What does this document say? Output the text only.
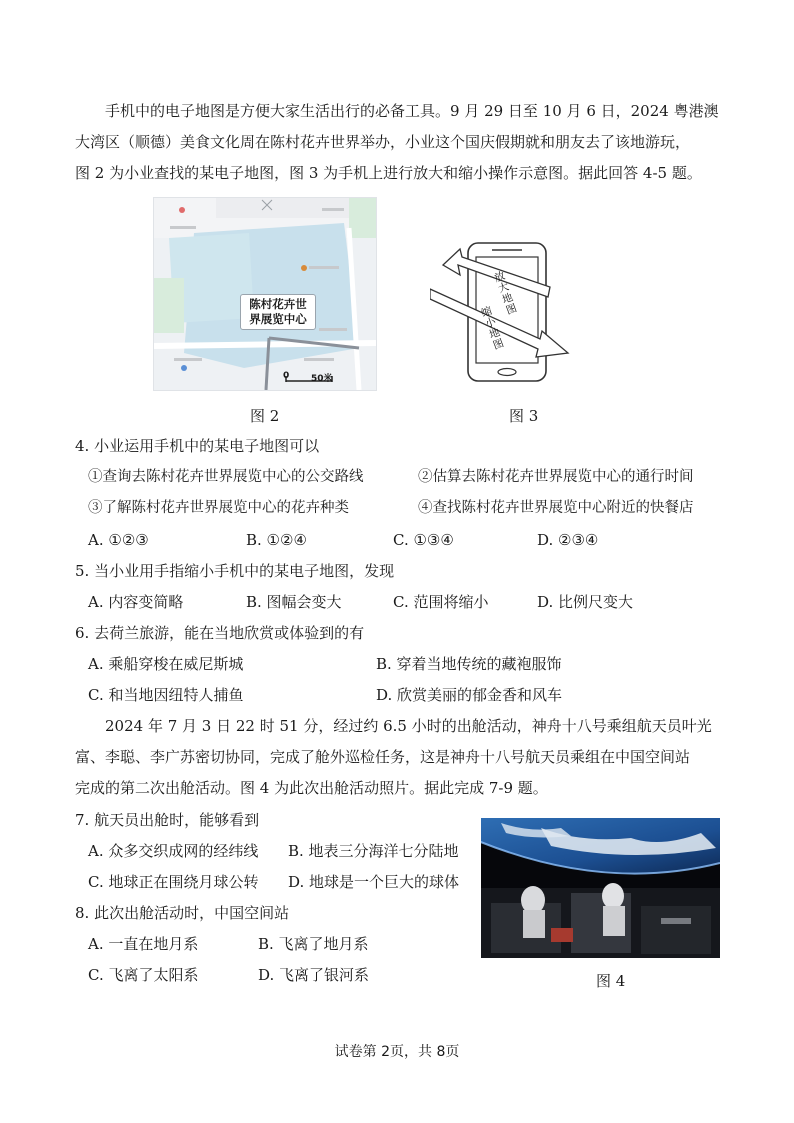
手机中的电子地图是方便大家生活出行的必备工具。9 月 29 日至 10 月 6 日，2024 粤港澳
大湾区（顺德）美食文化周在陈村花卉世界举办，小业这个国庆假期就和朋友去了该地游玩，
图 2 为小业查找的某电子地图，图 3 为手机上进行放大和缩小操作示意图。据此回答 4-5 题。
陈村花卉世
界展览中心
0 50米
图 2
放大地图
缩小地图
图 3
4. 小业运用手机中的某电子地图可以
①查询去陈村花卉世界展览中心的公交路线	②估算去陈村花卉世界展览中心的通行时间
③了解陈村花卉世界展览中心的花卉种类	④查找陈村花卉世界展览中心附近的快餐店
A. ①②③	B. ①②④	C. ①③④	D. ②③④
5. 当小业用手指缩小手机中的某电子地图，发现
A. 内容变简略	B. 图幅会变大	C. 范围将缩小	D. 比例尺变大
6. 去荷兰旅游，能在当地欣赏或体验到的有
A. 乘船穿梭在威尼斯城	B. 穿着当地传统的藏袍服饰
C. 和当地因纽特人捕鱼	D. 欣赏美丽的郁金香和风车
2024 年 7 月 3 日 22 时 51 分，经过约 6.5 小时的出舱活动，神舟十八号乘组航天员叶光
富、李聪、李广苏密切协同，完成了舱外巡检任务，这是神舟十八号航天员乘组在中国空间站
完成的第二次出舱活动。图 4 为此次出舱活动照片。据此完成 7-9 题。
7. 航天员出舱时，能够看到
A. 众多交织成网的经纬线 B. 地表三分海洋七分陆地
C. 地球正在围绕月球公转 D. 地球是一个巨大的球体
8. 此次出舱活动时，中国空间站
A. 一直在地月系	B. 飞离了地月系
C. 飞离了太阳系	D. 飞离了银河系	图 4
试卷第 2页，共 8页
